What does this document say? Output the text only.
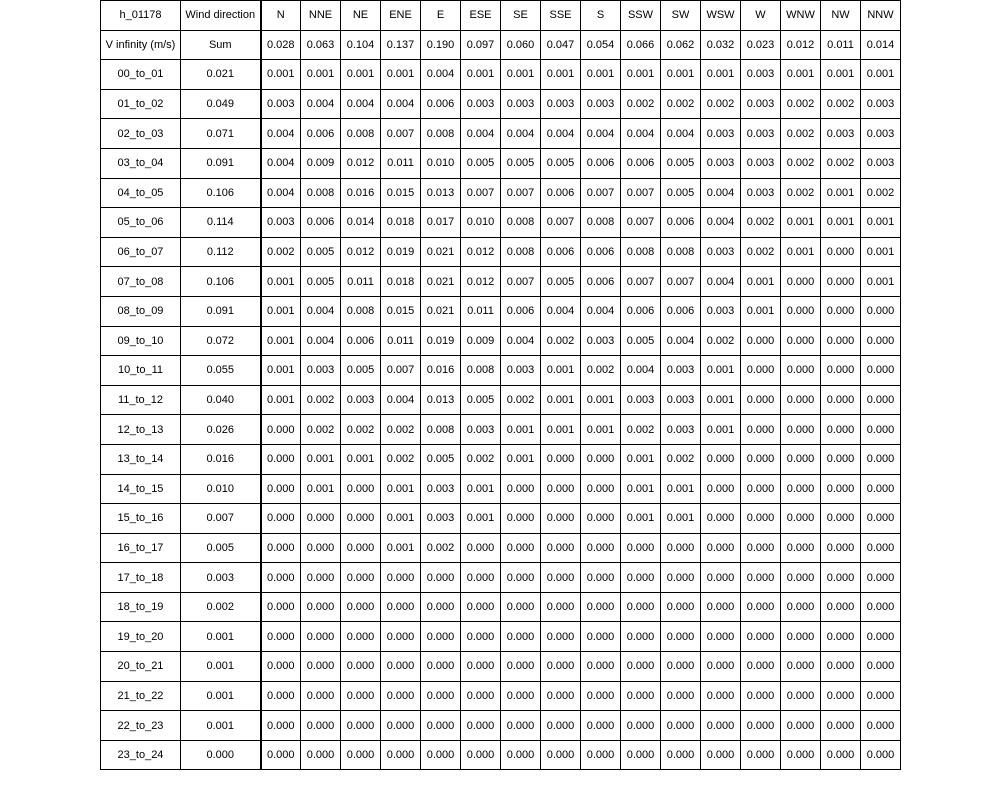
h_01178	Wind direction	N	NNE	NE	ENE	E	ESE	SE	SSE	S	SSW	SW	WSW	W	WNW	NW	NNW
V infinity (m/s)	Sum	0.028	0.063	0.104	0.137	0.190	0.097	0.060	0.047	0.054	0.066	0.062	0.032	0.023	0.012	0.011	0.014
00_to_01	0.021	0.001	0.001	0.001	0.001	0.004	0.001	0.001	0.001	0.001	0.001	0.001	0.001	0.003	0.001	0.001	0.001
01_to_02	0.049	0.003	0.004	0.004	0.004	0.006	0.003	0.003	0.003	0.003	0.002	0.002	0.002	0.003	0.002	0.002	0.003
02_to_03	0.071	0.004	0.006	0.008	0.007	0.008	0.004	0.004	0.004	0.004	0.004	0.004	0.003	0.003	0.002	0.003	0.003
03_to_04	0.091	0.004	0.009	0.012	0.011	0.010	0.005	0.005	0.005	0.006	0.006	0.005	0.003	0.003	0.002	0.002	0.003
04_to_05	0.106	0.004	0.008	0.016	0.015	0.013	0.007	0.007	0.006	0.007	0.007	0.005	0.004	0.003	0.002	0.001	0.002
05_to_06	0.114	0.003	0.006	0.014	0.018	0.017	0.010	0.008	0.007	0.008	0.007	0.006	0.004	0.002	0.001	0.001	0.001
06_to_07	0.112	0.002	0.005	0.012	0.019	0.021	0.012	0.008	0.006	0.006	0.008	0.008	0.003	0.002	0.001	0.000	0.001
07_to_08	0.106	0.001	0.005	0.011	0.018	0.021	0.012	0.007	0.005	0.006	0.007	0.007	0.004	0.001	0.000	0.000	0.001
08_to_09	0.091	0.001	0.004	0.008	0.015	0.021	0.011	0.006	0.004	0.004	0.006	0.006	0.003	0.001	0.000	0.000	0.000
09_to_10	0.072	0.001	0.004	0.006	0.011	0.019	0.009	0.004	0.002	0.003	0.005	0.004	0.002	0.000	0.000	0.000	0.000
10_to_11	0.055	0.001	0.003	0.005	0.007	0.016	0.008	0.003	0.001	0.002	0.004	0.003	0.001	0.000	0.000	0.000	0.000
11_to_12	0.040	0.001	0.002	0.003	0.004	0.013	0.005	0.002	0.001	0.001	0.003	0.003	0.001	0.000	0.000	0.000	0.000
12_to_13	0.026	0.000	0.002	0.002	0.002	0.008	0.003	0.001	0.001	0.001	0.002	0.003	0.001	0.000	0.000	0.000	0.000
13_to_14	0.016	0.000	0.001	0.001	0.002	0.005	0.002	0.001	0.000	0.000	0.001	0.002	0.000	0.000	0.000	0.000	0.000
14_to_15	0.010	0.000	0.001	0.000	0.001	0.003	0.001	0.000	0.000	0.000	0.001	0.001	0.000	0.000	0.000	0.000	0.000
15_to_16	0.007	0.000	0.000	0.000	0.001	0.003	0.001	0.000	0.000	0.000	0.001	0.001	0.000	0.000	0.000	0.000	0.000
16_to_17	0.005	0.000	0.000	0.000	0.001	0.002	0.000	0.000	0.000	0.000	0.000	0.000	0.000	0.000	0.000	0.000	0.000
17_to_18	0.003	0.000	0.000	0.000	0.000	0.000	0.000	0.000	0.000	0.000	0.000	0.000	0.000	0.000	0.000	0.000	0.000
18_to_19	0.002	0.000	0.000	0.000	0.000	0.000	0.000	0.000	0.000	0.000	0.000	0.000	0.000	0.000	0.000	0.000	0.000
19_to_20	0.001	0.000	0.000	0.000	0.000	0.000	0.000	0.000	0.000	0.000	0.000	0.000	0.000	0.000	0.000	0.000	0.000
20_to_21	0.001	0.000	0.000	0.000	0.000	0.000	0.000	0.000	0.000	0.000	0.000	0.000	0.000	0.000	0.000	0.000	0.000
21_to_22	0.001	0.000	0.000	0.000	0.000	0.000	0.000	0.000	0.000	0.000	0.000	0.000	0.000	0.000	0.000	0.000	0.000
22_to_23	0.001	0.000	0.000	0.000	0.000	0.000	0.000	0.000	0.000	0.000	0.000	0.000	0.000	0.000	0.000	0.000	0.000
23_to_24	0.000	0.000	0.000	0.000	0.000	0.000	0.000	0.000	0.000	0.000	0.000	0.000	0.000	0.000	0.000	0.000	0.000
